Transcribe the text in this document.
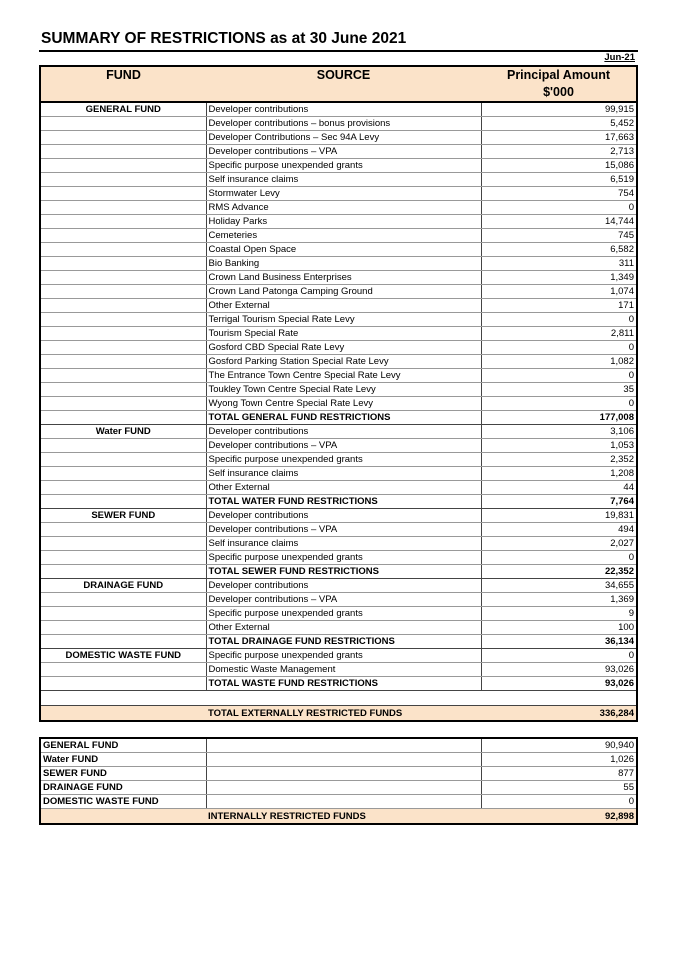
SUMMARY OF RESTRICTIONS as at 30 June 2021
Jun-21
FUND	SOURCE	Principal Amount
$'000

GENERAL FUND	Developer contributions	99,915
	Developer contributions – bonus provisions	5,452
	Developer Contributions – Sec 94A Levy	17,663
	Developer contributions – VPA	2,713
	Specific purpose unexpended grants	15,086
	Self insurance claims	6,519
	Stormwater Levy	754
	RMS Advance	0
	Holiday Parks	14,744
	Cemeteries	745
	Coastal Open Space	6,582
	Bio Banking	311
	Crown Land Business Enterprises	1,349
	Crown Land Patonga Camping Ground	1,074
	Other External	171
	Terrigal Tourism Special Rate Levy	0
	Tourism Special Rate	2,811
	Gosford CBD Special Rate Levy	0
	Gosford Parking Station Special Rate Levy	1,082
	The Entrance Town Centre Special Rate Levy	0
	Toukley Town Centre Special Rate Levy	35
	Wyong Town Centre Special Rate Levy	0
	TOTAL GENERAL FUND RESTRICTIONS	177,008
Water FUND	Developer contributions	3,106
	Developer contributions – VPA	1,053
	Specific purpose unexpended grants	2,352
	Self insurance claims	1,208
	Other External	44
	TOTAL WATER FUND RESTRICTIONS	7,764
SEWER FUND	Developer contributions	19,831
	Developer contributions – VPA	494
	Self insurance claims	2,027
	Specific purpose unexpended grants	0
	TOTAL SEWER FUND RESTRICTIONS	22,352
DRAINAGE FUND	Developer contributions	34,655
	Developer contributions – VPA	1,369
	Specific purpose unexpended grants	9
	Other External	100
	TOTAL DRAINAGE FUND RESTRICTIONS	36,134
DOMESTIC WASTE FUND	Specific purpose unexpended grants	0
	Domestic Waste Management	93,026
	TOTAL WASTE FUND RESTRICTIONS	93,026

	TOTAL EXTERNALLY RESTRICTED FUNDS	336,284
GENERAL FUND		90,940
Water FUND		1,026
SEWER FUND		877
DRAINAGE FUND		55
DOMESTIC WASTE FUND		0
	INTERNALLY RESTRICTED FUNDS	92,898
